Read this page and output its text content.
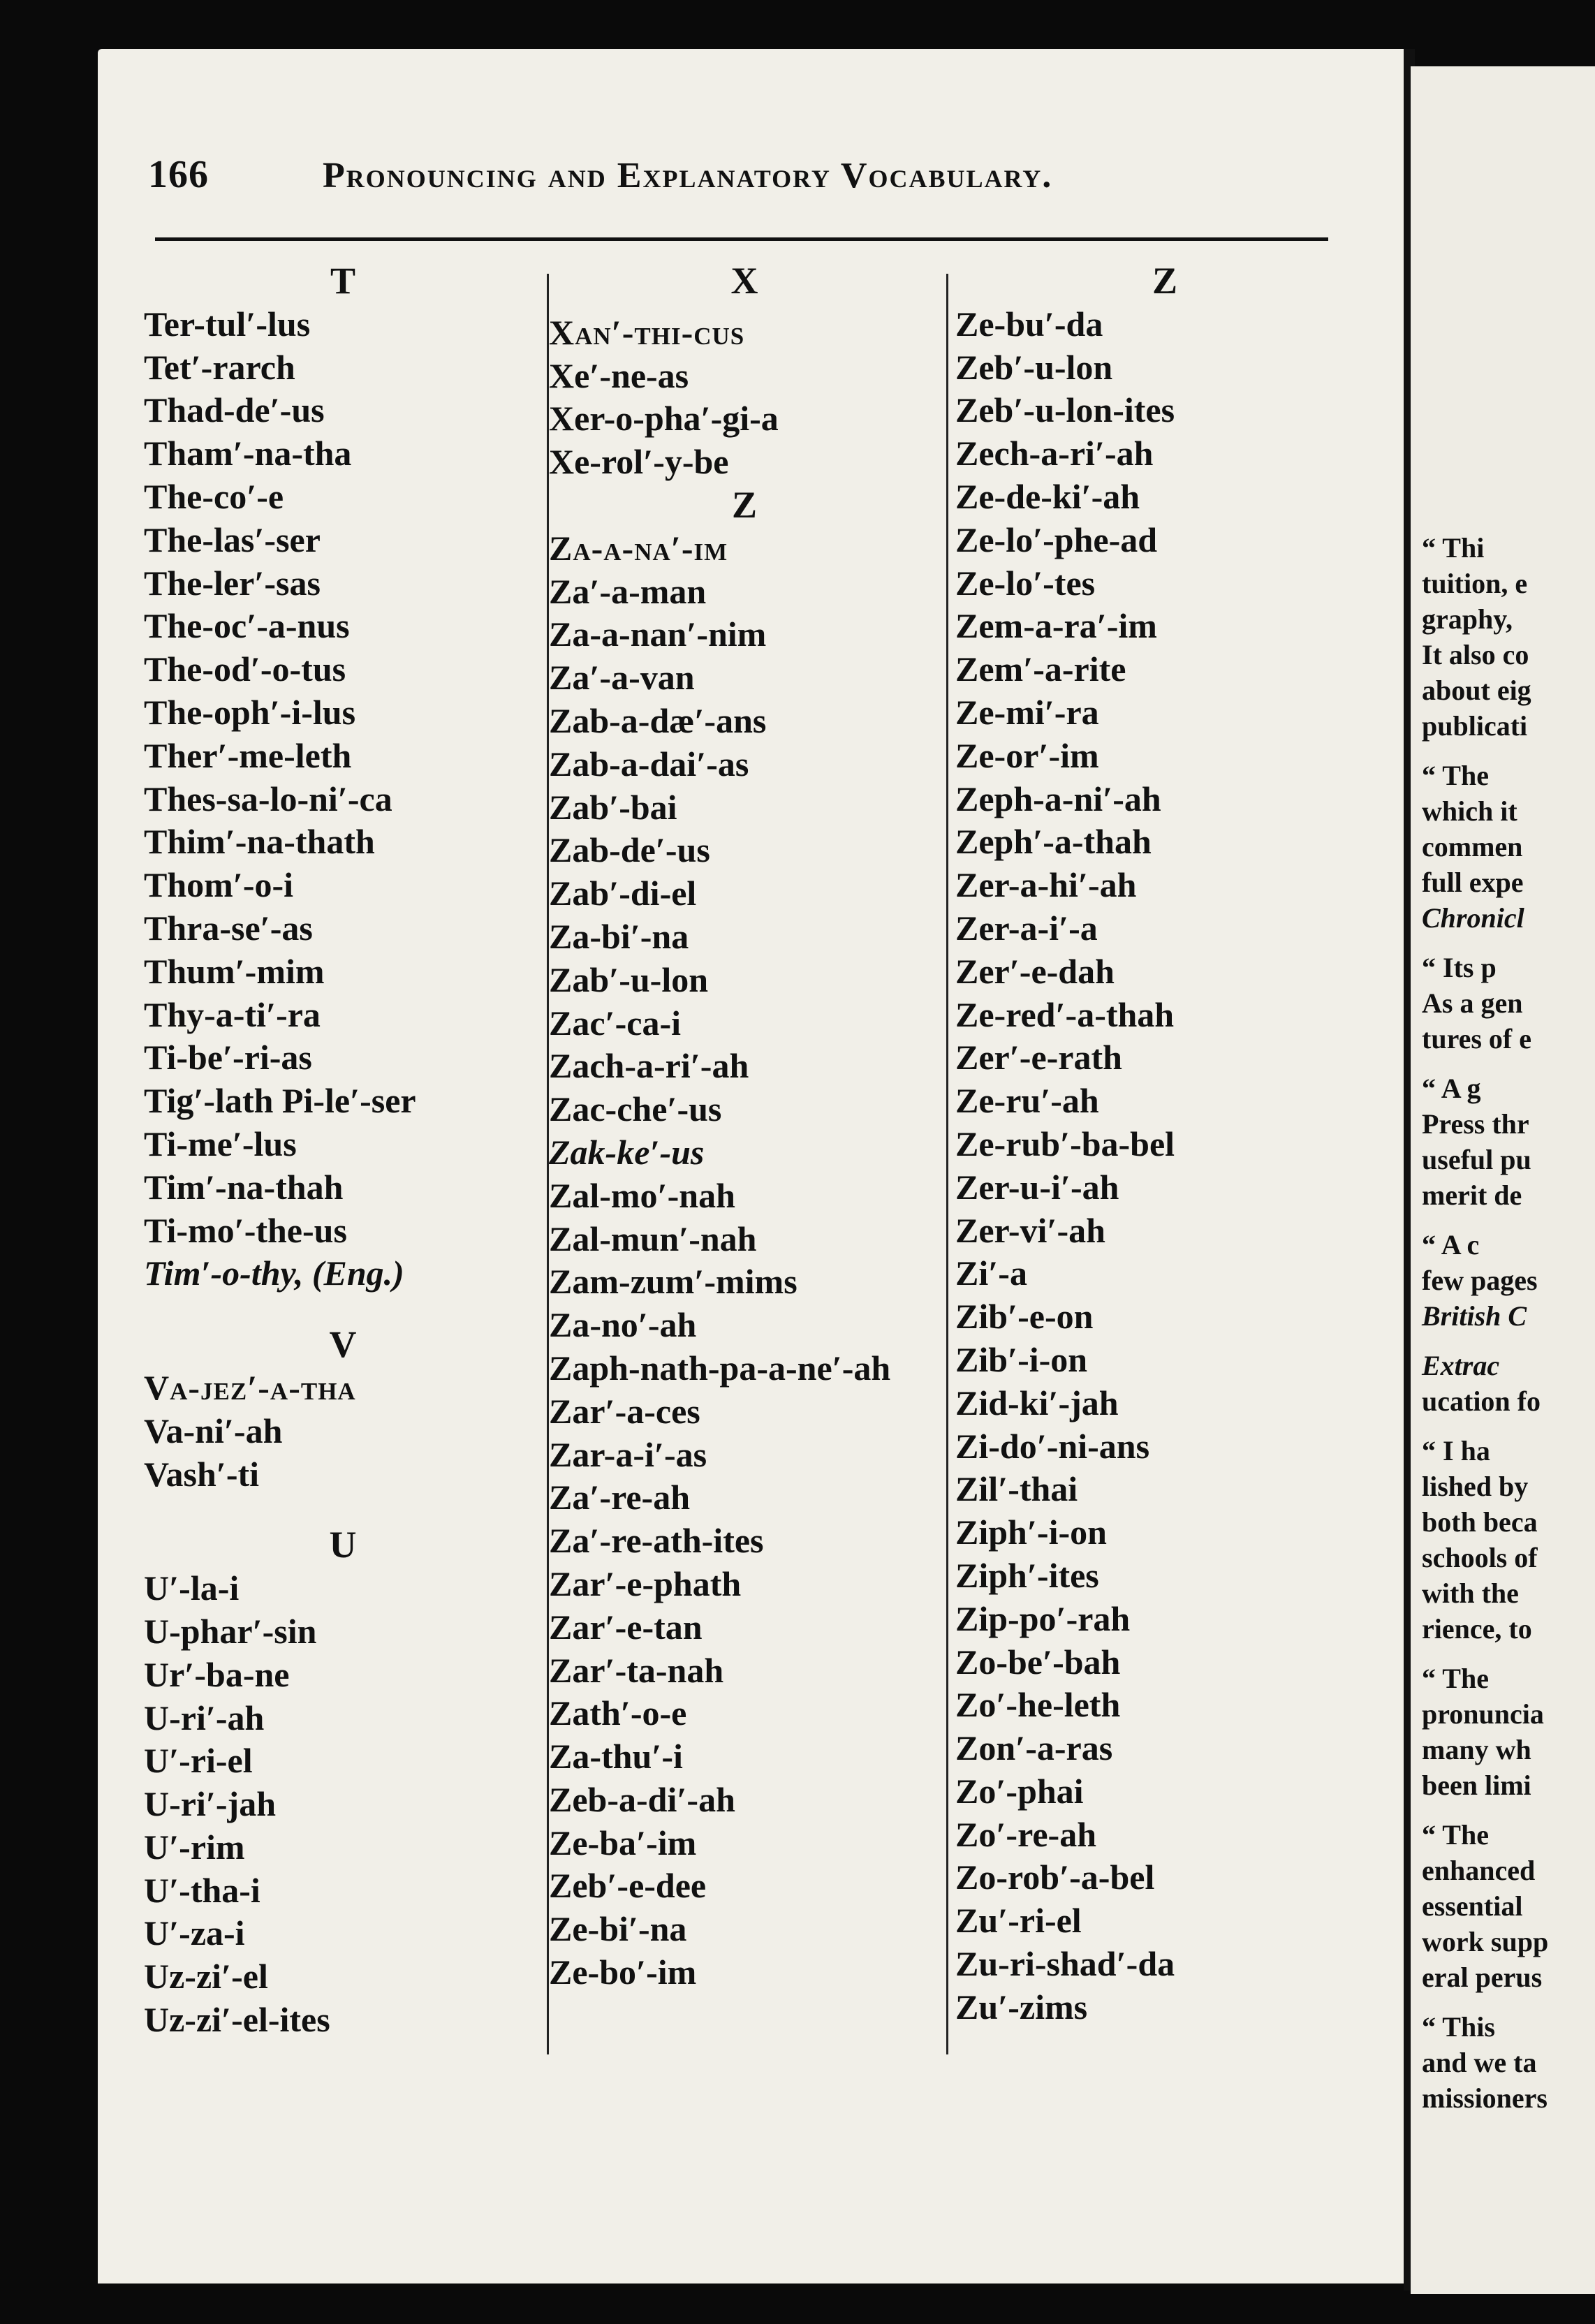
“ Thi
tuition, e
graphy,
It also co
about eig
publicati
“ The
which it
commen
full expe
Chronicl
“ Its p
As a gen
tures of e
“ A g
Press thr
useful pu
merit de
“ A c
few pages
British C
Extrac
ucation fo
“ I ha
lished by
both beca
schools of
with the
rience, to
“ The
pronuncia
many wh
been limi
“ The
enhanced
essential
work supp
eral perus
“ This
and we ta
missioners
166	Pronouncing and Explanatory Vocabulary.
T
Ter-tul′-lus
Tet′-rarch
Thad-de′-us
Tham′-na-tha
The-co′-e
The-las′-ser
The-ler′-sas
The-oc′-a-nus
The-od′-o-tus
The-oph′-i-lus
Ther′-me-leth
Thes-sa-lo-ni′-ca
Thim′-na-thath
Thom′-o-i
Thra-se′-as
Thum′-mim
Thy-a-ti′-ra
Ti-be′-ri-as
Tig′-lath Pi-le′-ser
Ti-me′-lus
Tim′-na-thah
Ti-mo′-the-us
Tim′-o-thy, (Eng.)
V
Va-jez′-a-tha
Va-ni′-ah
Vash′-ti
U
U′-la-i
U-phar′-sin
Ur′-ba-ne
U-ri′-ah
U′-ri-el
U-ri′-jah
U′-rim
U′-tha-i
U′-za-i
Uz-zi′-el
Uz-zi′-el-ites
X
Xan′-thi-cus
Xe′-ne-as
Xer-o-pha′-gi-a
Xe-rol′-y-be
Z
Za-a-na′-im
Za′-a-man
Za-a-nan′-nim
Za′-a-van
Zab-a-dæ′-ans
Zab-a-dai′-as
Zab′-bai
Zab-de′-us
Zab′-di-el
Za-bi′-na
Zab′-u-lon
Zac′-ca-i
Zach-a-ri′-ah
Zac-che′-us
Zak-ke′-us
Zal-mo′-nah
Zal-mun′-nah
Zam-zum′-mims
Za-no′-ah
Zaph-nath-pa-a-ne′-ah
Zar′-a-ces
Zar-a-i′-as
Za′-re-ah
Za′-re-ath-ites
Zar′-e-phath
Zar′-e-tan
Zar′-ta-nah
Zath′-o-e
Za-thu′-i
Zeb-a-di′-ah
Ze-ba′-im
Zeb′-e-dee
Ze-bi′-na
Ze-bo′-im
Z
Ze-bu′-da
Zeb′-u-lon
Zeb′-u-lon-ites
Zech-a-ri′-ah
Ze-de-ki′-ah
Ze-lo′-phe-ad
Ze-lo′-tes
Zem-a-ra′-im
Zem′-a-rite
Ze-mi′-ra
Ze-or′-im
Zeph-a-ni′-ah
Zeph′-a-thah
Zer-a-hi′-ah
Zer-a-i′-a
Zer′-e-dah
Ze-red′-a-thah
Zer′-e-rath
Ze-ru′-ah
Ze-rub′-ba-bel
Zer-u-i′-ah
Zer-vi′-ah
Zi′-a
Zib′-e-on
Zib′-i-on
Zid-ki′-jah
Zi-do′-ni-ans
Zil′-thai
Ziph′-i-on
Ziph′-ites
Zip-po′-rah
Zo-be′-bah
Zo′-he-leth
Zon′-a-ras
Zo′-phai
Zo′-re-ah
Zo-rob′-a-bel
Zu′-ri-el
Zu-ri-shad′-da
Zu′-zims
